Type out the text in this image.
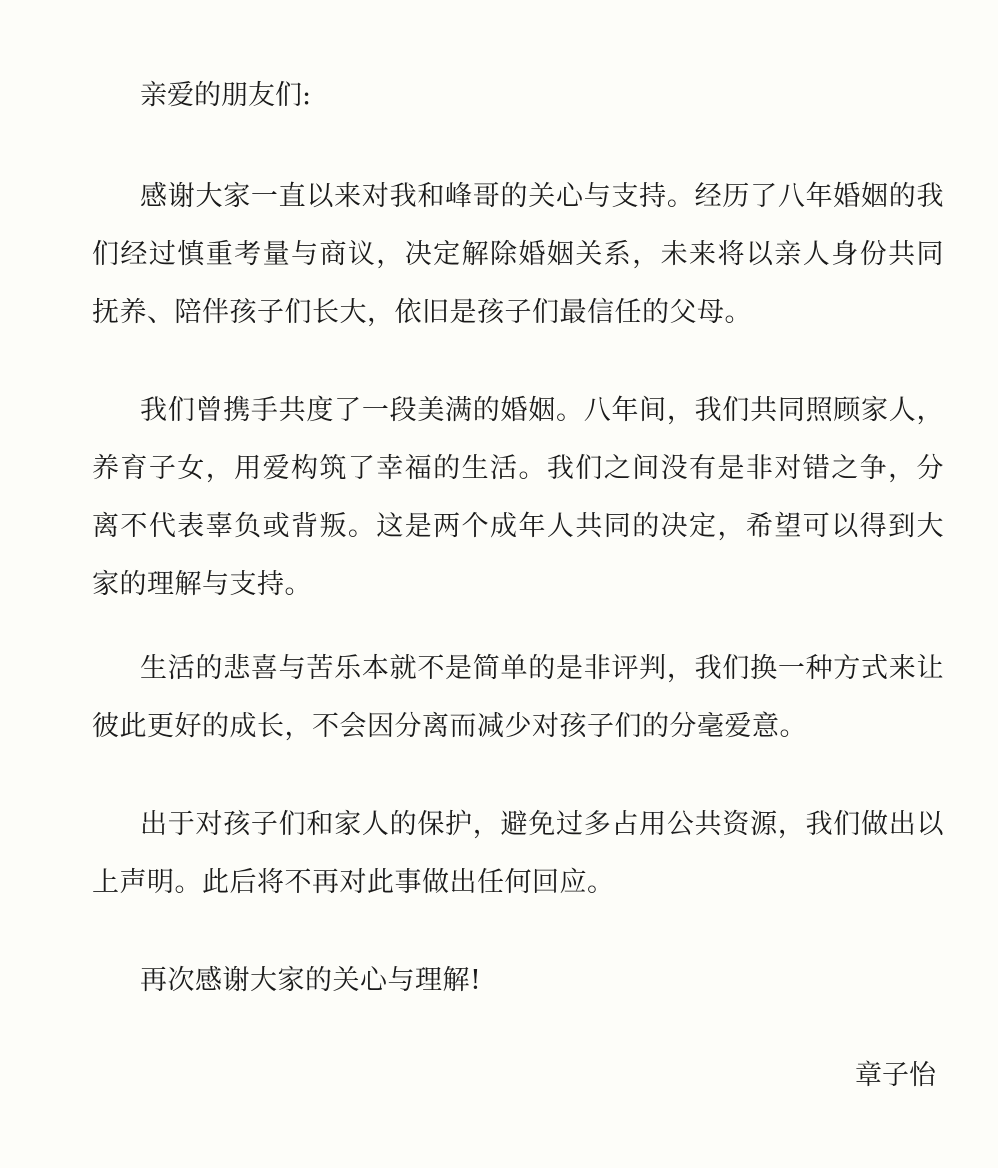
亲爱的朋友们:

感谢大家一直以来对我和峰哥的关心与支持。经历了八年婚姻的我们经过慎重考量与商议，决定解除婚姻关系，未来将以亲人身份共同抚养、陪伴孩子们长大，依旧是孩子们最信任的父母。

我们曾携手共度了一段美满的婚姻。八年间，我们共同照顾家人，养育子女，用爱构筑了幸福的生活。我们之间没有是非对错之争，分离不代表辜负或背叛。这是两个成年人共同的决定，希望可以得到大家的理解与支持。

生活的悲喜与苦乐本就不是简单的是非评判，我们换一种方式来让彼此更好的成长，不会因分离而减少对孩子们的分毫爱意。

出于对孩子们和家人的保护，避免过多占用公共资源，我们做出以上声明。此后将不再对此事做出任何回应。

再次感谢大家的关心与理解!

章子怡
